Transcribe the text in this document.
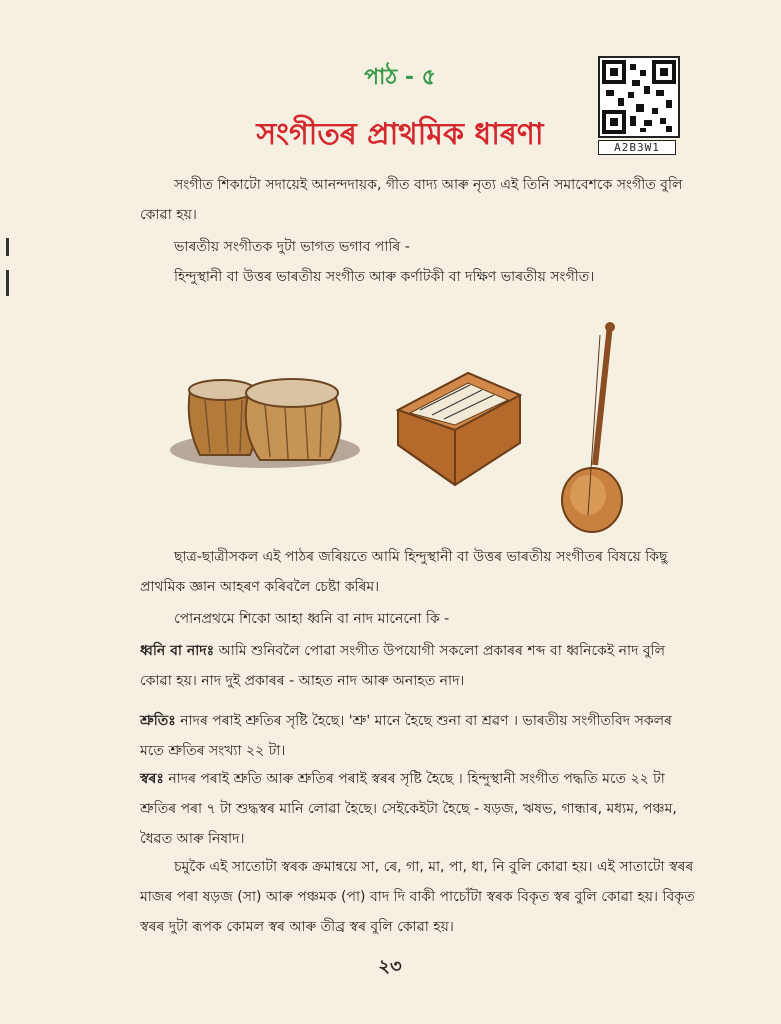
পাঠ - ৫
সংগীতৰ প্ৰাথমিক ধাৰণা	A2B3W1
সংগীত শিকাটো সদায়েই আনন্দদায়ক, গীত বাদ্য আৰু নৃত্য এই তিনি সমাবেশকে সংগীত বুলি কোৱা হয়।
ভাৰতীয় সংগীতক দুটা ভাগত ভগাব পাৰি -
হিন্দুস্থানী বা উত্তৰ ভাৰতীয় সংগীত আৰু কৰ্ণাটকী বা দক্ষিণ ভাৰতীয় সংগীত।
ছাত্ৰ-ছাত্ৰীসকল এই পাঠৰ জৰিয়তে আমি হিন্দুস্থানী বা উত্তৰ ভাৰতীয় সংগীতৰ বিষয়ে কিছু প্ৰাথমিক জ্ঞান আহৰণ কৰিবলৈ চেষ্টা কৰিম।
পোনপ্ৰথমে শিকো আহা ধ্বনি বা নাদ মানেনো কি -
ধ্বনি বা নাদঃ আমি শুনিবলৈ পোৱা সংগীত উপযোগী সকলো প্ৰকাৰৰ শব্দ বা ধ্বনিকেই নাদ বুলি কোৱা হয়। নাদ দুই প্ৰকাৰৰ - আহত নাদ আৰু অনাহত নাদ।
শ্ৰুতিঃ নাদৰ পৰাই শ্ৰুতিৰ সৃষ্টি হৈছে। 'শ্ৰু' মানে হৈছে শুনা বা শ্ৰৱণ । ভাৰতীয় সংগীতবিদ সকলৰ মতে শ্ৰুতিৰ সংখ্যা ২২ টা।
স্বৰঃ নাদৰ পৰাই শ্ৰুতি আৰু শ্ৰুতিৰ পৰাই স্বৰৰ সৃষ্টি হৈছে । হিন্দুস্থানী সংগীত পদ্ধতি মতে ২২ টা শ্ৰুতিৰ পৰা ৭ টা শুদ্ধস্বৰ মানি লোৱা হৈছে। সেইকেইটা হৈছে - ষড়জ, ঋষভ, গান্ধাৰ, মধ্যম, পঞ্চম, ধৈৱত আৰু নিষাদ।
চমুকৈ এই সাতোটা স্বৰক ক্ৰমান্বয়ে সা, ৰে, গা, মা, পা, ধা, নি বুলি কোৱা হয়। এই সাতাটো স্বৰৰ মাজৰ পৰা ষড়জ (সা) আৰু পঞ্চমক (পা) বাদ দি বাকী পাচোঁটা স্বৰক বিকৃত স্বৰ বুলি কোৱা হয়। বিকৃত স্বৰৰ দুটা ৰূপক কোমল স্বৰ আৰু তীব্ৰ স্বৰ বুলি কোৱা হয়।
২৩
